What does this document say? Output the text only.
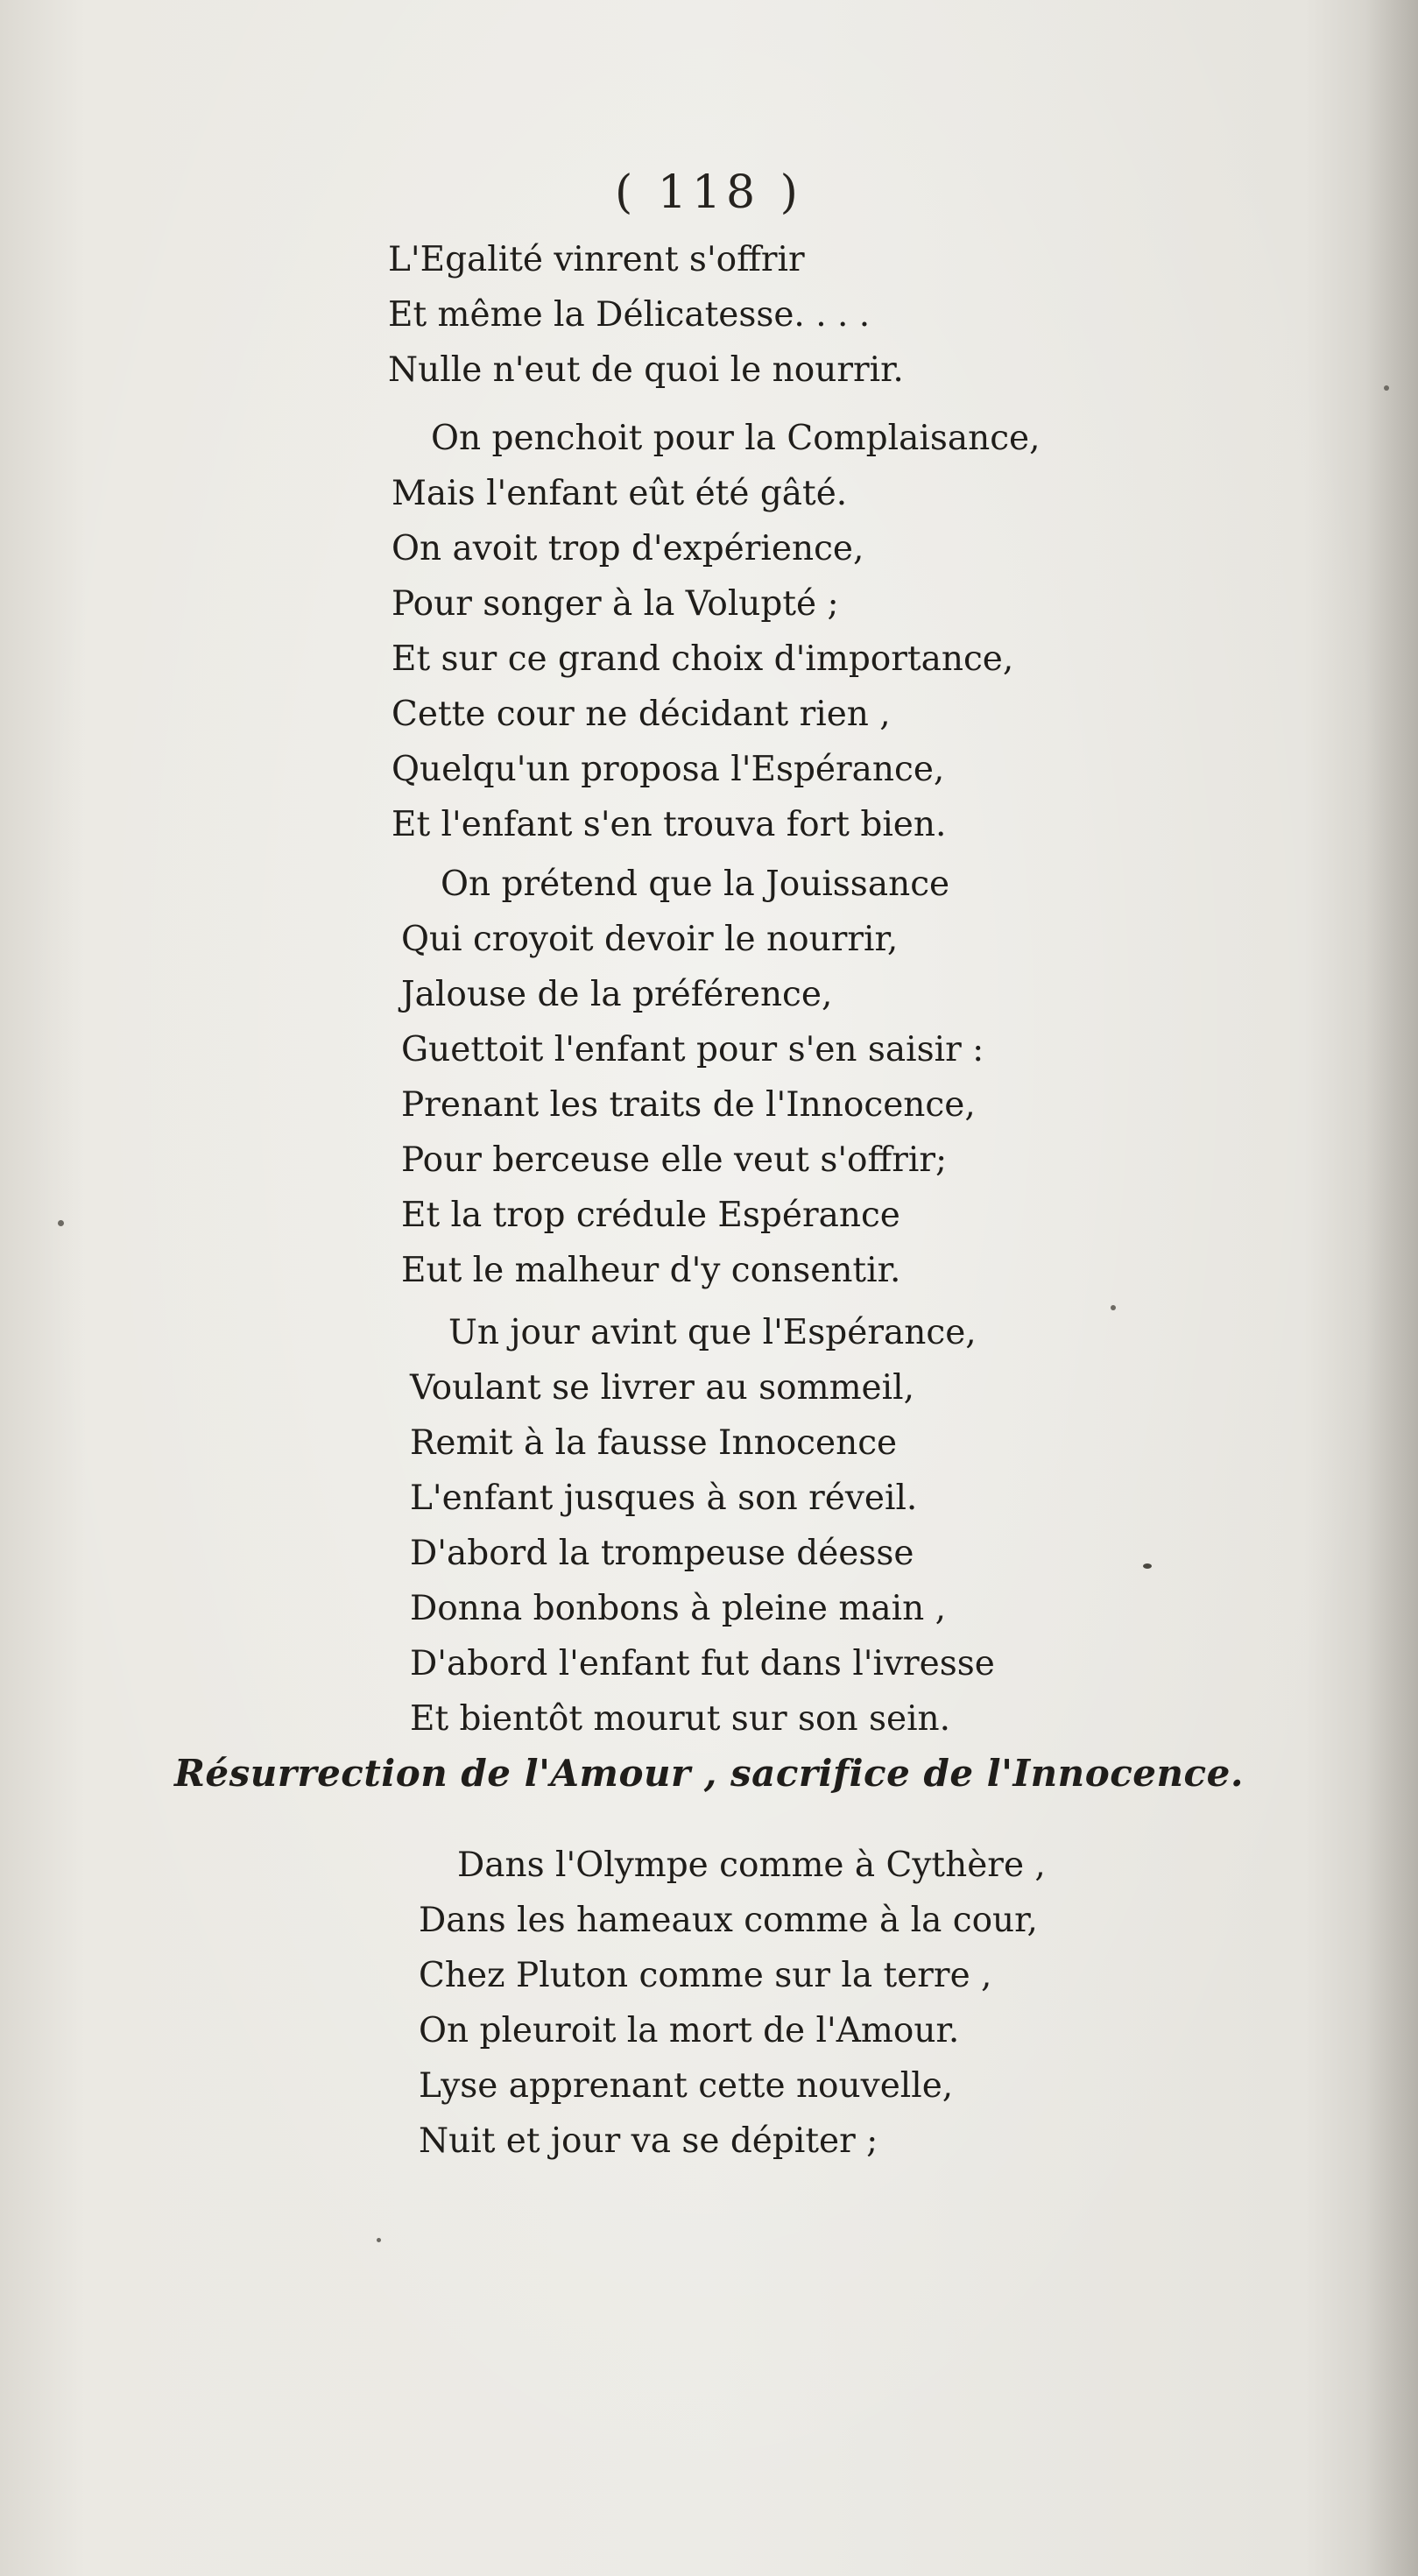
( 118 )
L'Egalité vinrent s'offrir
Et même la Délicatesse. . . .
Nulle n'eut de quoi le nourrir.
On penchoit pour la Complaisance,
Mais l'enfant eût été gâté.
On avoit trop d'expérience,
Pour songer à la Volupté ;
Et sur ce grand choix d'importance,
Cette cour ne décidant rien ,
Quelqu'un proposa l'Espérance,
Et l'enfant s'en trouva fort bien.
On prétend que la Jouissance
Qui croyoit devoir le nourrir,
Jalouse de la préférence,
Guettoit l'enfant pour s'en saisir :
Prenant les traits de l'Innocence,
Pour berceuse elle veut s'offrir;
Et la trop crédule Espérance
Eut le malheur d'y consentir.
Un jour avint que l'Espérance,
Voulant se livrer au sommeil,
Remit à la fausse Innocence
L'enfant jusques à son réveil.
D'abord la trompeuse déesse
Donna bonbons à pleine main ,
D'abord l'enfant fut dans l'ivresse
Et bientôt mourut sur son sein.
Résurrection de l'Amour , sacrifice de l'Innocence.
Dans l'Olympe comme à Cythère ,
Dans les hameaux comme à la cour,
Chez Pluton comme sur la terre ,
On pleuroit la mort de l'Amour.
Lyse apprenant cette nouvelle,
Nuit et jour va se dépiter ;
